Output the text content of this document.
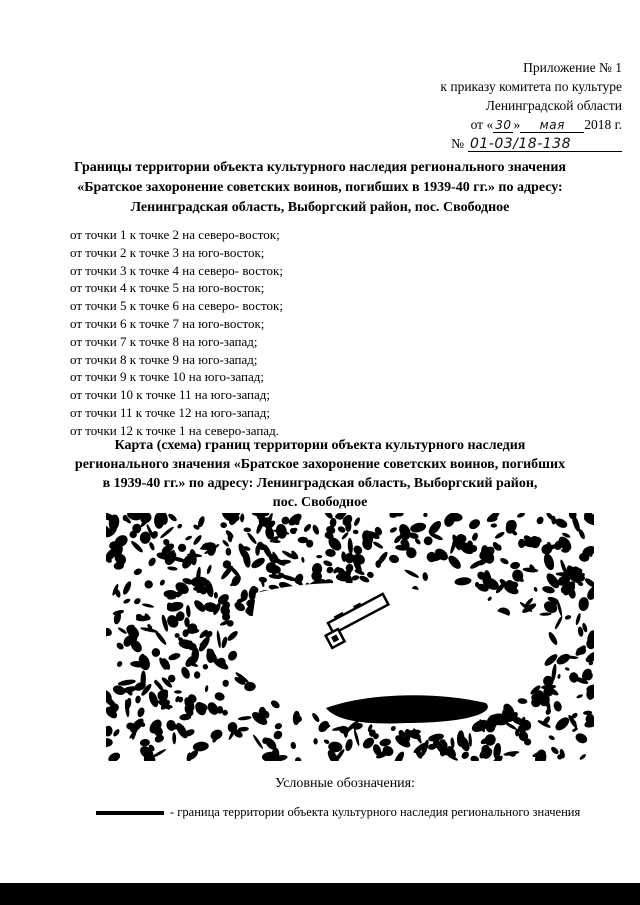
Приложение № 1
к приказу комитета по культуре
Ленинградской области
от « 30 »	мая	2018 г.
№ 01-03/18-138
Границы территории объекта культурного наследия регионального значения
«Братское захоронение советских воинов, погибших в 1939-40 гг.» по адресу:
Ленинградская область, Выборгский район, пос. Свободное
от точки 1 к точке 2 на северо-восток;
от точки 2 к точке 3 на юго-восток;
от точки 3 к точке 4 на северо- восток;
от точки 4 к точке 5 на юго-восток;
от точки 5 к точке 6 на северо- восток;
от точки 6 к точке 7 на юго-восток;
от точки 7 к точке 8 на юго-запад;
от точки 8 к точке 9 на юго-запад;
от точки 9 к точке 10 на юго-запад;
от точки 10 к точке 11 на юго-запад;
от точки 11 к точке 12 на юго-запад;
от точки 12 к точке 1 на северо-запад.
Карта (схема) границ территории объекта культурного наследия
регионального значения «Братское захоронение советских воинов, погибших
в 1939-40 гг.» по адресу: Ленинградская область, Выборгский район,
пос. Свободное
Условные обозначения:
- граница территории объекта культурного наследия регионального значения
